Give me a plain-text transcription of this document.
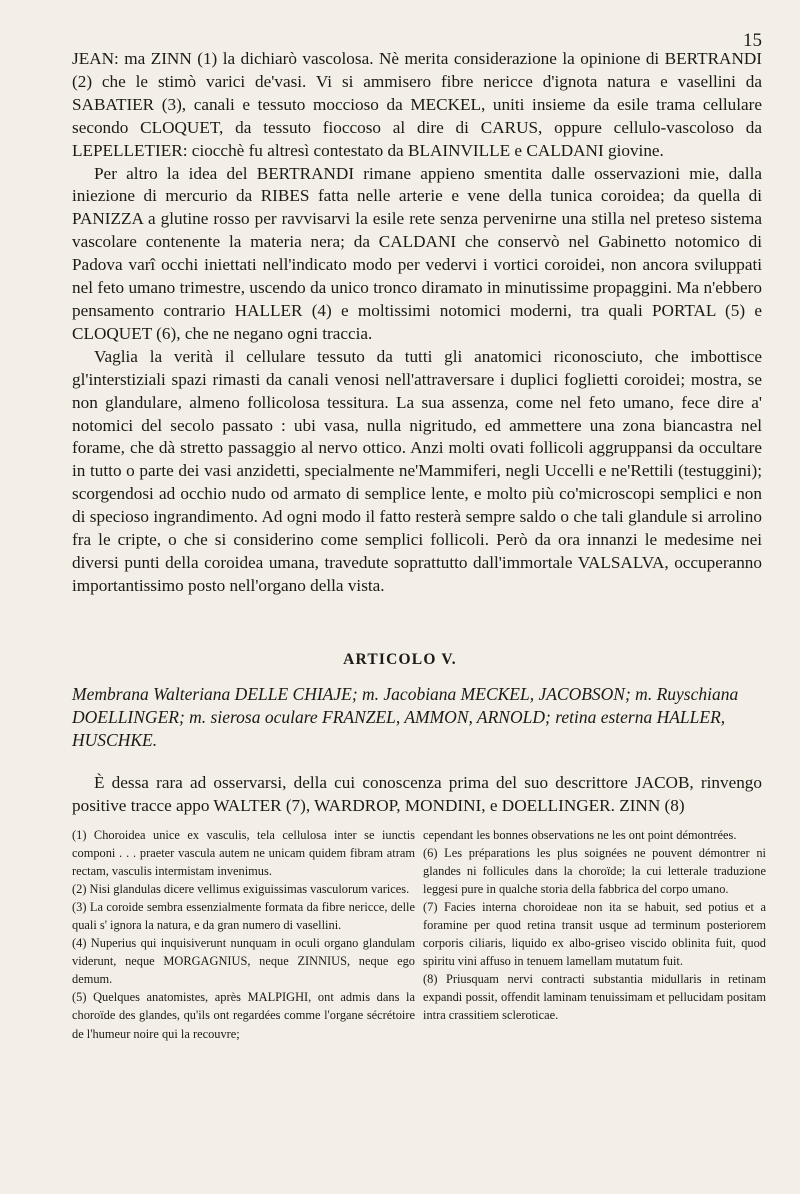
15

JEAN: ma ZINN (1) la dichiarò vascolosa. Nè merita considerazione la opinione di BERTRANDI (2) che le stimò varici de'vasi. Vi si ammisero fibre nericce d'ignota natura e vasellini da SABATIER (3), canali e tessuto moccioso da MECKEL, uniti insieme da esile trama cellulare secondo CLOQUET, da tessuto fioccoso al dire di CARUS, oppure cellulo-vascoloso da LEPELLETIER: ciocchè fu altresì contestato da BLAINVILLE e CALDANI giovine.

Per altro la idea del BERTRANDI rimane appieno smentita dalle osservazioni mie, dalla iniezione di mercurio da RIBES fatta nelle arterie e vene della tunica coroidea; da quella di PANIZZA a glutine rosso per ravvisarvi la esile rete senza pervenirne una stilla nel preteso sistema vascolare contenente la materia nera; da CALDANI che conservò nel Gabinetto notomico di Padova varî occhi iniettati nell'indicato modo per vedervi i vortici coroidei, non ancora sviluppati nel feto umano trimestre, uscendo da unico tronco diramato in minutissime propaggini. Ma n'ebbero pensamento contrario HALLER (4) e moltissimi notomici moderni, tra quali PORTAL (5) e CLOQUET (6), che ne negano ogni traccia.

Vaglia la verità il cellulare tessuto da tutti gli anatomici riconosciuto, che imbottisce gl'interstiziali spazi rimasti da canali venosi nell'attraversare i duplici foglietti coroidei; mostra, se non glandulare, almeno follicolosa tessitura. La sua assenza, come nel feto umano, fece dire a' notomici del secolo passato : ubi vasa, nulla nigritudo, ed ammettere una zona biancastra nel forame, che dà stretto passaggio al nervo ottico. Anzi molti ovati follicoli aggruppansi da occultare in tutto o parte dei vasi anzidetti, specialmente ne'Mammiferi, negli Uccelli e ne'Rettili (testuggini); scorgendosi ad occhio nudo od armato di semplice lente, e molto più co'microscopi semplici e non di specioso ingrandimento. Ad ogni modo il fatto resterà sempre saldo o che tali glandule si arrolino fra le cripte, o che si considerino come semplici follicoli. Però da ora innanzi le medesime nei diversi punti della coroidea umana, travedute soprattutto dall'immortale VALSALVA, occuperanno importantissimo posto nell'organo della vista.

ARTICOLO V.
Membrana Walteriana DELLE CHIAJE; m. Jacobiana MECKEL, JACOBSON; m. Ruyschiana DOELLINGER; m. sierosa oculare FRANZEL, AMMON, ARNOLD; retina esterna HALLER, HUSCHKE.
È dessa rara ad osservarsi, della cui conoscenza prima del suo descrittore JACOB, rinvengo positive tracce appo WALTER (7), WARDROP, MONDINI, e DOELLINGER. ZINN (8)

(1) Choroidea unice ex vasculis, tela cellulosa inter se iunctis componi . . . praeter vascula autem ne unicam quidem fibram atram rectam, vasculis intermistam invenimus.

(2) Nisi glandulas dicere vellimus exiguissimas vasculorum varices.

(3) La coroide sembra essenzialmente formata da fibre nericce, delle quali s' ignora la natura, e da gran numero di vasellini.

(4) Nuperius qui inquisiverunt nunquam in oculi organo glandulam viderunt, neque MORGAGNIUS, neque ZINNIUS, neque ego demum.

(5) Quelques anatomistes, après MALPIGHI, ont admis dans la choroïde des glandes, qu'ils ont regardées comme l'organe sécrétoire de l'humeur noire qui la recouvre;

cependant les bonnes observations ne les ont point démontrées.

(6) Les préparations les plus soignées ne pouvent démontrer ni glandes ni follicules dans la choroïde; la cui letterale traduzione leggesi pure in qualche storia della fabbrica del corpo umano.

(7) Facies interna choroideae non ita se habuit, sed potius et a foramine per quod retina transit usque ad terminum posteriorem corporis ciliaris, liquido ex albo-griseo viscido oblinita fuit, quod spiritu vini affuso in tenuem lamellam mutatum fuit.

(8) Priusquam nervi contracti substantia midullaris in retinam expandi possit, offendit laminam tenuissimam et pellucidam positam intra crassitiem scleroticae.
